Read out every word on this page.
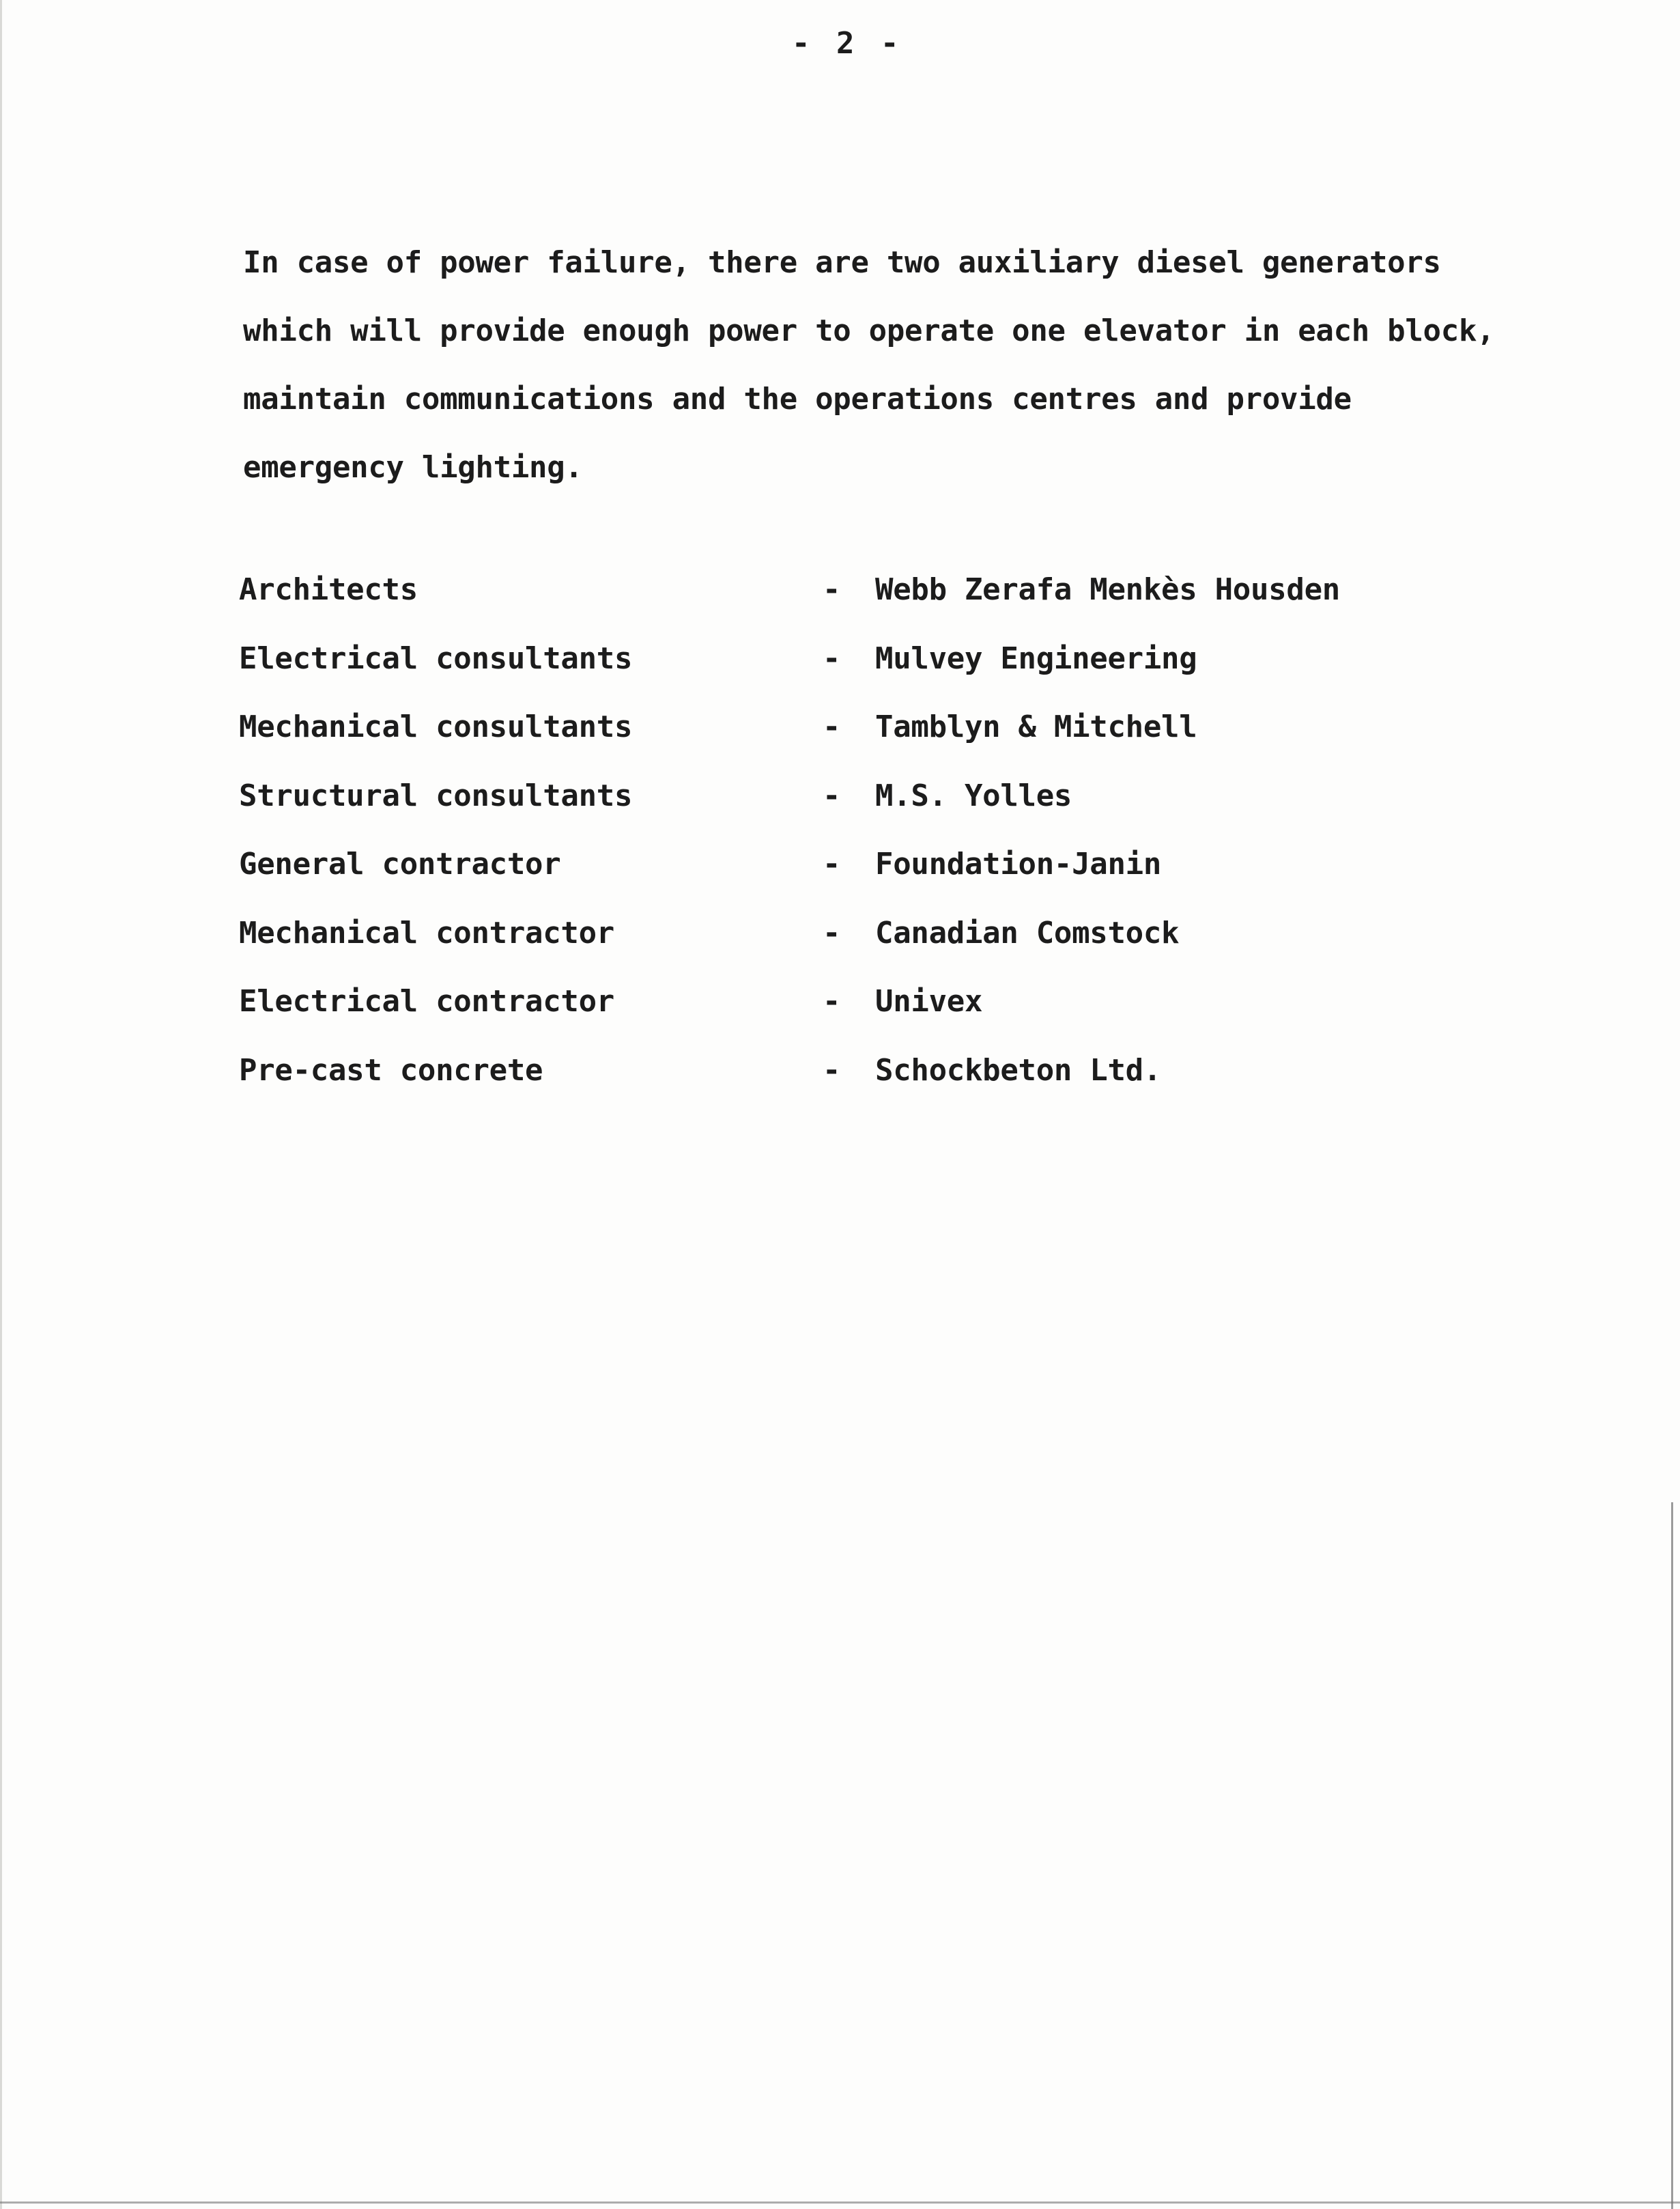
- 2 -
In case of power failure, there are two auxiliary diesel generators
which will provide enough power to operate one elevator in each block,
maintain communications and the operations centres and provide
emergency lighting.
Architects	- Webb Zerafa Menkès Housden
Electrical consultants	- Mulvey Engineering
Mechanical consultants	- Tamblyn & Mitchell
Structural consultants	- M.S. Yolles
General contractor	- Foundation-Janin
Mechanical contractor	- Canadian Comstock
Electrical contractor	- Univex
Pre-cast concrete	- Schockbeton Ltd.
